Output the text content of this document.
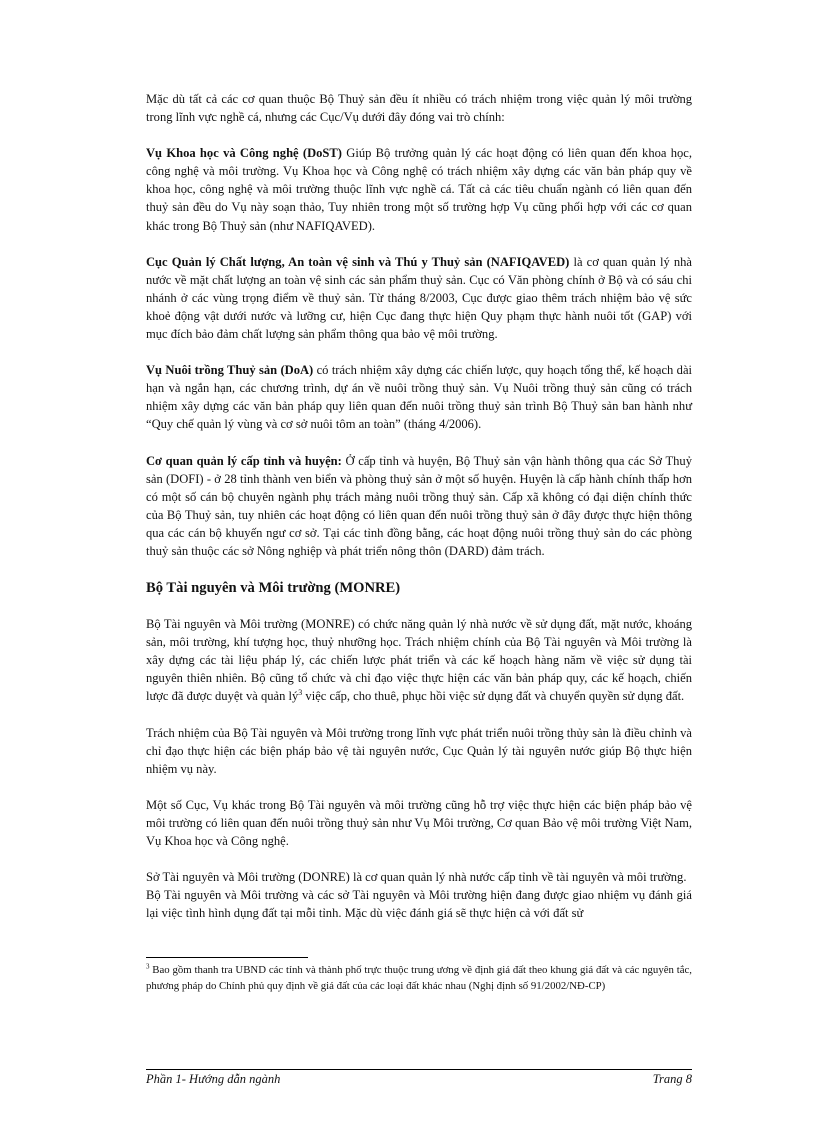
Mặc dù tất cả các cơ quan thuộc Bộ Thuỷ sản đều ít nhiều có trách nhiệm trong việc quản lý môi trường trong lĩnh vực nghề cá, nhưng các Cục/Vụ dưới đây đóng vai trò chính:

Vụ Khoa học và Công nghệ (DoST) Giúp Bộ trưởng quản lý các hoạt động có liên quan đến khoa học, công nghệ và môi trường. Vụ Khoa học và Công nghệ có trách nhiệm xây dựng các văn bản pháp quy về khoa học, công nghệ và môi trường thuộc lĩnh vực nghề cá. Tất cả các tiêu chuẩn ngành có liên quan đến thuỷ sản đều do Vụ này soạn thảo, Tuy nhiên trong một số trường hợp Vụ cũng phối hợp với các cơ quan khác trong Bộ Thuỷ sản (như NAFIQAVED).

Cục Quản lý Chất lượng, An toàn vệ sinh và Thú y Thuỷ sản (NAFIQAVED) là cơ quan quản lý nhà nước về mặt chất lượng an toàn vệ sinh các sản phẩm thuỷ sản. Cục có Văn phòng chính ở Bộ và có sáu chi nhánh ở các vùng trọng điểm về thuỷ sản. Từ tháng 8/2003, Cục được giao thêm trách nhiệm bảo vệ sức khoẻ động vật dưới nước và lưỡng cư, hiện Cục đang thực hiện Quy phạm thực hành nuôi tốt (GAP) với mục đích bảo đảm chất lượng sản phẩm thông qua bảo vệ môi trường.

Vụ Nuôi trồng Thuỷ sản (DoA) có trách nhiệm xây dựng các chiến lược, quy hoạch tổng thể, kế hoạch dài hạn và ngắn hạn, các chương trình, dự án về nuôi trồng thuỷ sản. Vụ Nuôi trồng thuỷ sản cũng có trách nhiệm xây dựng các văn bản pháp quy liên quan đến nuôi trồng thuỷ sản trình Bộ Thuỷ sản ban hành như “Quy chế quản lý vùng và cơ sở nuôi tôm an toàn” (tháng 4/2006).

Cơ quan quản lý cấp tỉnh và huyện: Ở cấp tỉnh và huyện, Bộ Thuỷ sản vận hành thông qua các Sở Thuỷ sản (DOFI) - ở 28 tỉnh thành ven biển và phòng thuỷ sản ở một số huyện. Huyện là cấp hành chính thấp hơn có một số cán bộ chuyên ngành phụ trách mảng nuôi trồng thuỷ sản. Cấp xã không có đại diện chính thức của Bộ Thuỷ sản, tuy nhiên các hoạt động có liên quan đến nuôi trồng thuỷ sản ở đây được thực hiện thông qua các cán bộ khuyến ngư cơ sở. Tại các tỉnh đồng bằng, các hoạt động nuôi trồng thuỷ sản do các phòng thuỷ sản thuộc các sở Nông nghiệp và phát triển nông thôn (DARD) đảm trách.

Bộ Tài nguyên và Môi trường (MONRE)

Bộ Tài nguyên và Môi trường (MONRE) có chức năng quản lý nhà nước về sử dụng đất, mặt nước, khoáng sản, môi trường, khí tượng học, thuỷ nhưỡng học. Trách nhiệm chính của Bộ Tài nguyên và Môi trường là xây dựng các tài liệu pháp lý, các chiến lược phát triển và các kế hoạch hàng năm về việc sử dụng tài nguyên thiên nhiên. Bộ cũng tổ chức và chỉ đạo việc thực hiện các văn bản pháp quy, các kế hoạch, chiến lược đã được duyệt và quản $lý^3$ việc cấp, cho thuê, phục hồi việc sử dụng đất và chuyển quyền sử dụng đất.

Trách nhiệm của Bộ Tài nguyên và Môi trường trong lĩnh vực phát triển nuôi trồng thủy sản là điều chỉnh và chỉ đạo thực hiện các biện pháp bảo vệ tài nguyên nước, Cục Quản lý tài nguyên nước giúp Bộ thực hiện nhiệm vụ này.

Một số Cục, Vụ khác trong Bộ Tài nguyên và môi trường cũng hỗ trợ việc thực hiện các biện pháp bảo vệ môi trường có liên quan đến nuôi trồng thuỷ sản như Vụ Môi trường, Cơ quan Bảo vệ môi trường Việt Nam, Vụ Khoa học và Công nghệ.

Sở Tài nguyên và Môi trường (DONRE) là cơ quan quản lý nhà nước cấp tỉnh về tài nguyên và môi trường.

Bộ Tài nguyên và Môi trường và các sở Tài nguyên và Môi trường hiện đang được giao nhiệm vụ đánh giá lại việc tình hình dụng đất tại mỗi tỉnh. Mặc dù việc đánh giá sẽ thực hiện cả với đất sử

$^3$ Bao gồm thanh tra UBND các tỉnh và thành phố trực thuộc trung ương về định giá đất theo khung giá đất và các nguyên tắc, phương pháp do Chính phủ quy định về giá đất của các loại đất khác nhau (Nghị định số 91/2002/NĐ-CP)
Phần 1- Hướng dẫn ngành	Trang 8
